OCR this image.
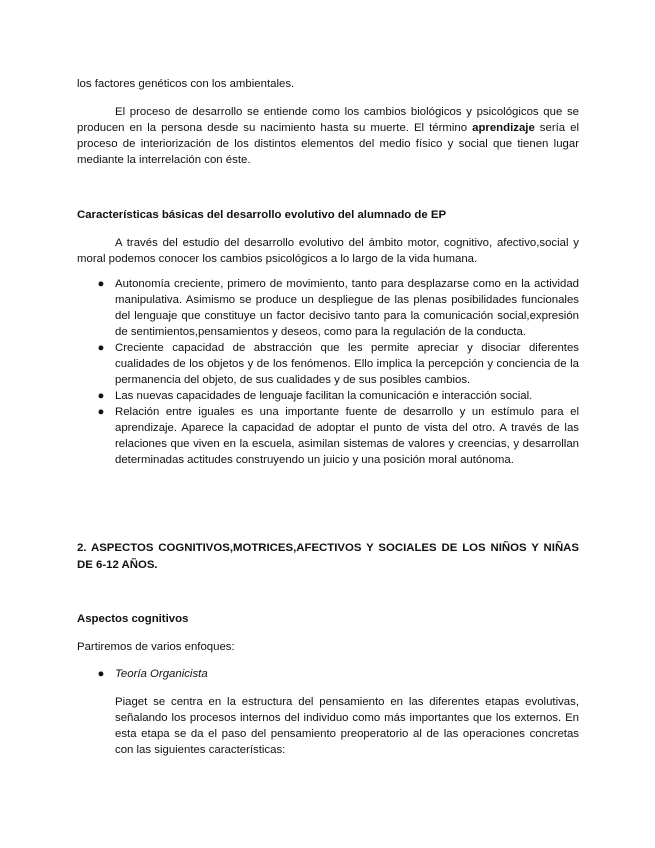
los factores genéticos con los ambientales.

El proceso de desarrollo se entiende como los cambios biológicos y psicológicos que se producen en la persona desde su nacimiento hasta su muerte. El término aprendizaje sería el proceso de interiorización de los distintos elementos del medio físico y social que tienen lugar mediante la interrelación con éste.

Características básicas del desarrollo evolutivo del alumnado de EP

A través del estudio del desarrollo evolutivo del ámbito motor, cognitivo, afectivo,social y moral podemos conocer los cambios psicológicos a lo largo de la vida humana.

● Autonomía creciente, primero de movimiento, tanto para desplazarse como en la actividad manipulativa. Asimismo se produce un despliegue de las plenas posibilidades funcionales del lenguaje que constituye un factor decisivo tanto para la comunicación social,expresión de sentimientos,pensamientos y deseos, como para la regulación de la conducta.
● Creciente capacidad de abstracción que les permite apreciar y disociar diferentes cualidades de los objetos y de los fenómenos. Ello implica la percepción y conciencia de la permanencia del objeto, de sus cualidades y de sus posibles cambios.
● Las nuevas capacidades de lenguaje facilitan la comunicación e interacción social.
● Relación entre iguales es una importante fuente de desarrollo y un estímulo para el aprendizaje. Aparece la capacidad de adoptar el punto de vista del otro. A través de las relaciones que viven en la escuela, asimilan sistemas de valores y creencias, y desarrollan determinadas actitudes construyendo un juicio y una posición moral autónoma.

2. ASPECTOS COGNITIVOS,MOTRICES,AFECTIVOS Y SOCIALES DE LOS NIÑOS Y NIÑAS DE 6-12 AÑOS.

Aspectos cognitivos

Partiremos de varios enfoques:

● Teoría Organicista

Piaget se centra en la estructura del pensamiento en las diferentes etapas evolutivas, señalando los procesos internos del individuo como más importantes que los externos. En esta etapa se da el paso del pensamiento preoperatorio al de las operaciones concretas con las siguientes características:
